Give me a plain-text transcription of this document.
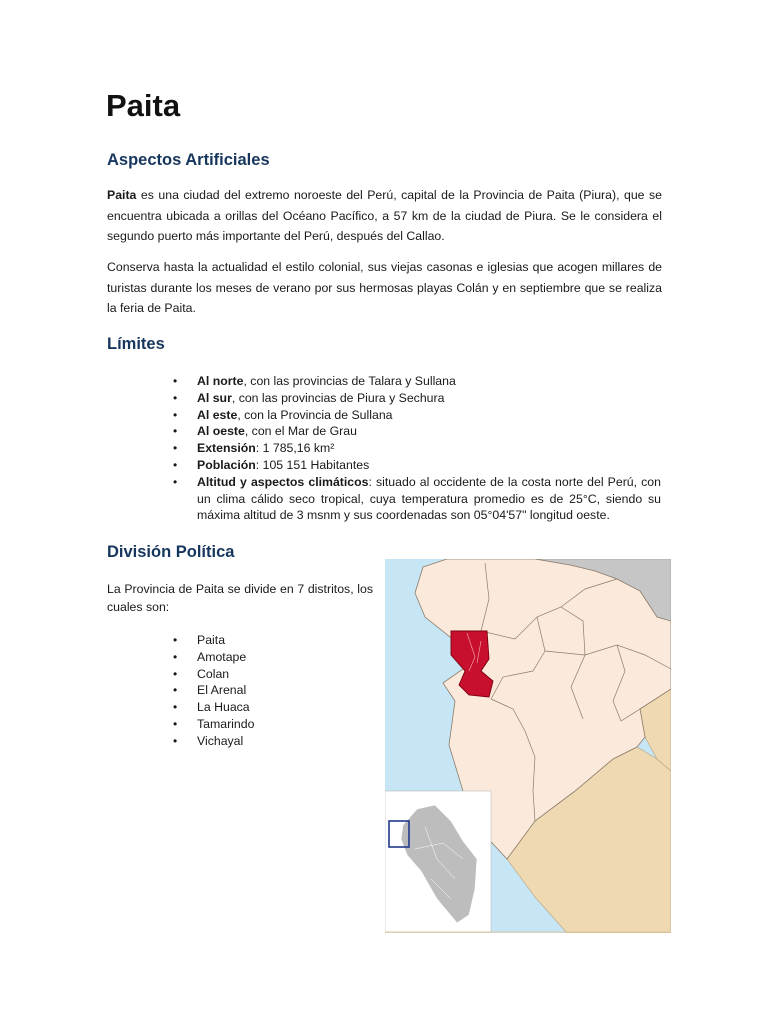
Paita
Aspectos Artificiales

Paita es una ciudad del extremo noroeste del Perú, capital de la Provincia de Paita (Piura), que se encuentra ubicada a orillas del Océano Pacífico, a 57 km de la ciudad de Piura. Se le considera el segundo puerto más importante del Perú, después del Callao.

Conserva hasta la actualidad el estilo colonial, sus viejas casonas e iglesias que acogen millares de turistas durante los meses de verano por sus hermosas playas Colán y en septiembre que se realiza la feria de Paita.

Límites
• Al norte, con las provincias de Talara y Sullana
• Al sur, con las provincias de Piura y Sechura
• Al este, con la Provincia de Sullana
• Al oeste, con el Mar de Grau
• Extensión: 1 785,16 km²
• Población: 105 151 Habitantes
• Altitud y aspectos climáticos: situado al occidente de la costa norte del Perú, con un clima cálido seco tropical, cuya temperatura promedio es de 25°C, siendo su máxima altitud de 3 msnm y sus coordenadas son 05°04'57" longitud oeste.
División Política

La Provincia de Paita se divide en 7 distritos, los cuales son:

• Paita
• Amotape
• Colan
• El Arenal
• La Huaca
• Tamarindo
• Vichayal
